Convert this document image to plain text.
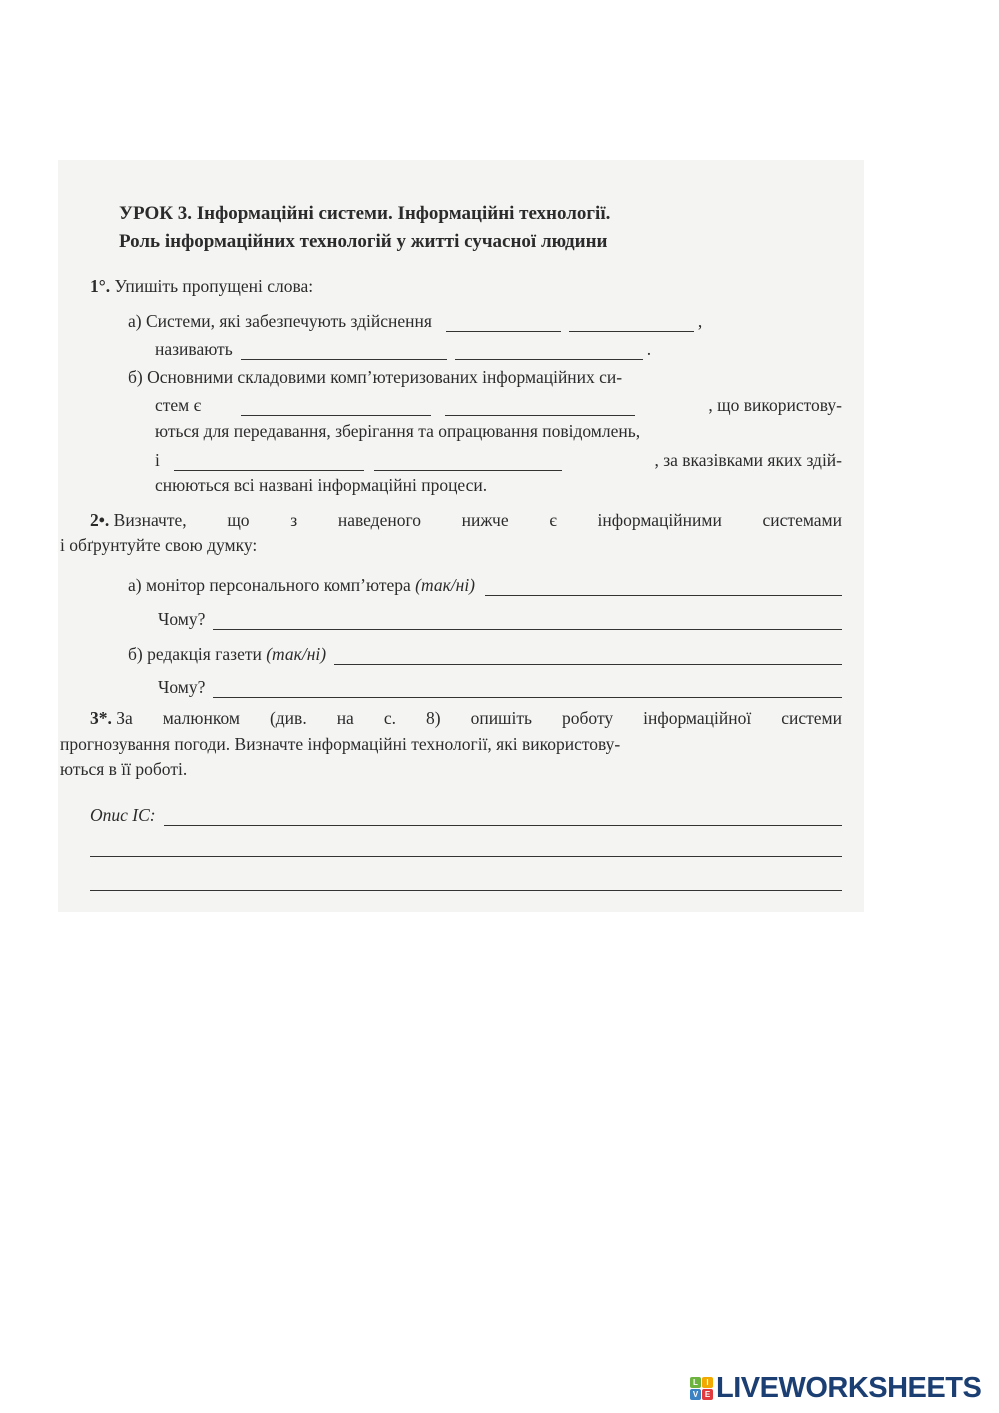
УРОК 3. Інформаційні системи. Інформаційні технології.
Роль інформаційних технологій у житті сучасної людини
1°.
Упишіть пропущені слова:
а) Системи, які забезпечують здійснення	,
називають	.
б) Основними складовими комп’ютеризованих інформаційних си-
стем є	, що використову-
ються для передавання, зберігання та опрацювання повідомлень,
і	, за вказівками яких здій-
снюються всі названі інформаційні процеси.
2•.
Визначте, що з наведеного нижче є інформаційними системами
і обґрунтуйте свою думку:
а) монітор персонального комп’ютера
(так/ні)
Чому?
б) редакція газети
(так/ні)
Чому?
3*.
За малюнком (див. на с. 8) опишіть роботу інформаційної системи
прогнозування погоди. Визначте інформаційні технології, які використову-
ються в її роботі.
Опис ІС:
L	I
V E LIVEWORKSHEETS
